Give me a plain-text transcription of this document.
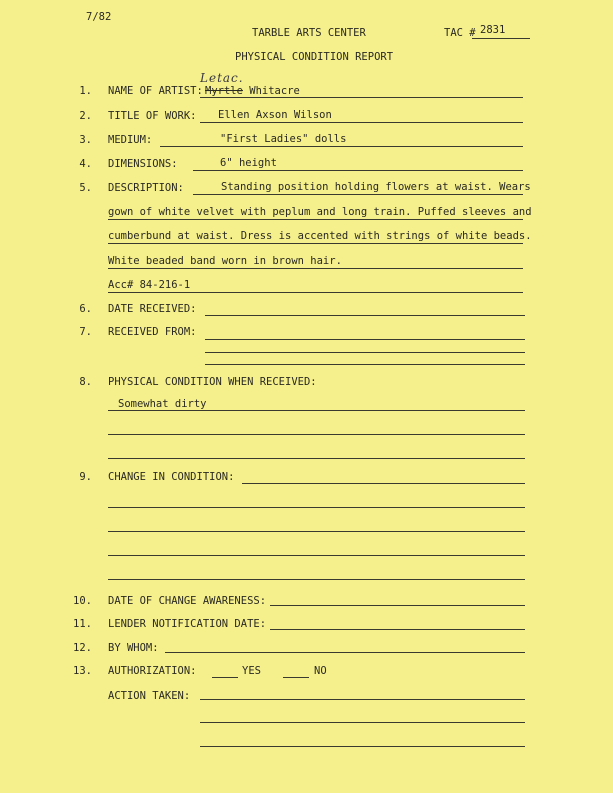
7/82
TARBLE ARTS CENTER	TAC # 2831
PHYSICAL CONDITION REPORT
Letac.
1. NAME OF ARTIST: Myrtle Whitacre
2. TITLE OF WORK: Ellen Axson Wilson
3. MEDIUM:	"First Ladies" dolls
4. DIMENSIONS:	6" height
5. DESCRIPTION:	Standing position holding flowers at waist. Wears
gown of white velvet with peplum and long train. Puffed sleeves and
cumberbund at waist. Dress is accented with strings of white beads.
White beaded band worn in brown hair.
Acc# 84-216-1
6. DATE RECEIVED:
7. RECEIVED FROM:
8. PHYSICAL CONDITION WHEN RECEIVED:
Somewhat dirty
9. CHANGE IN CONDITION:
10. DATE OF CHANGE AWARENESS:
11. LENDER NOTIFICATION DATE:
12. BY WHOM:
13. AUTHORIZATION:	YES	NO
ACTION TAKEN:
